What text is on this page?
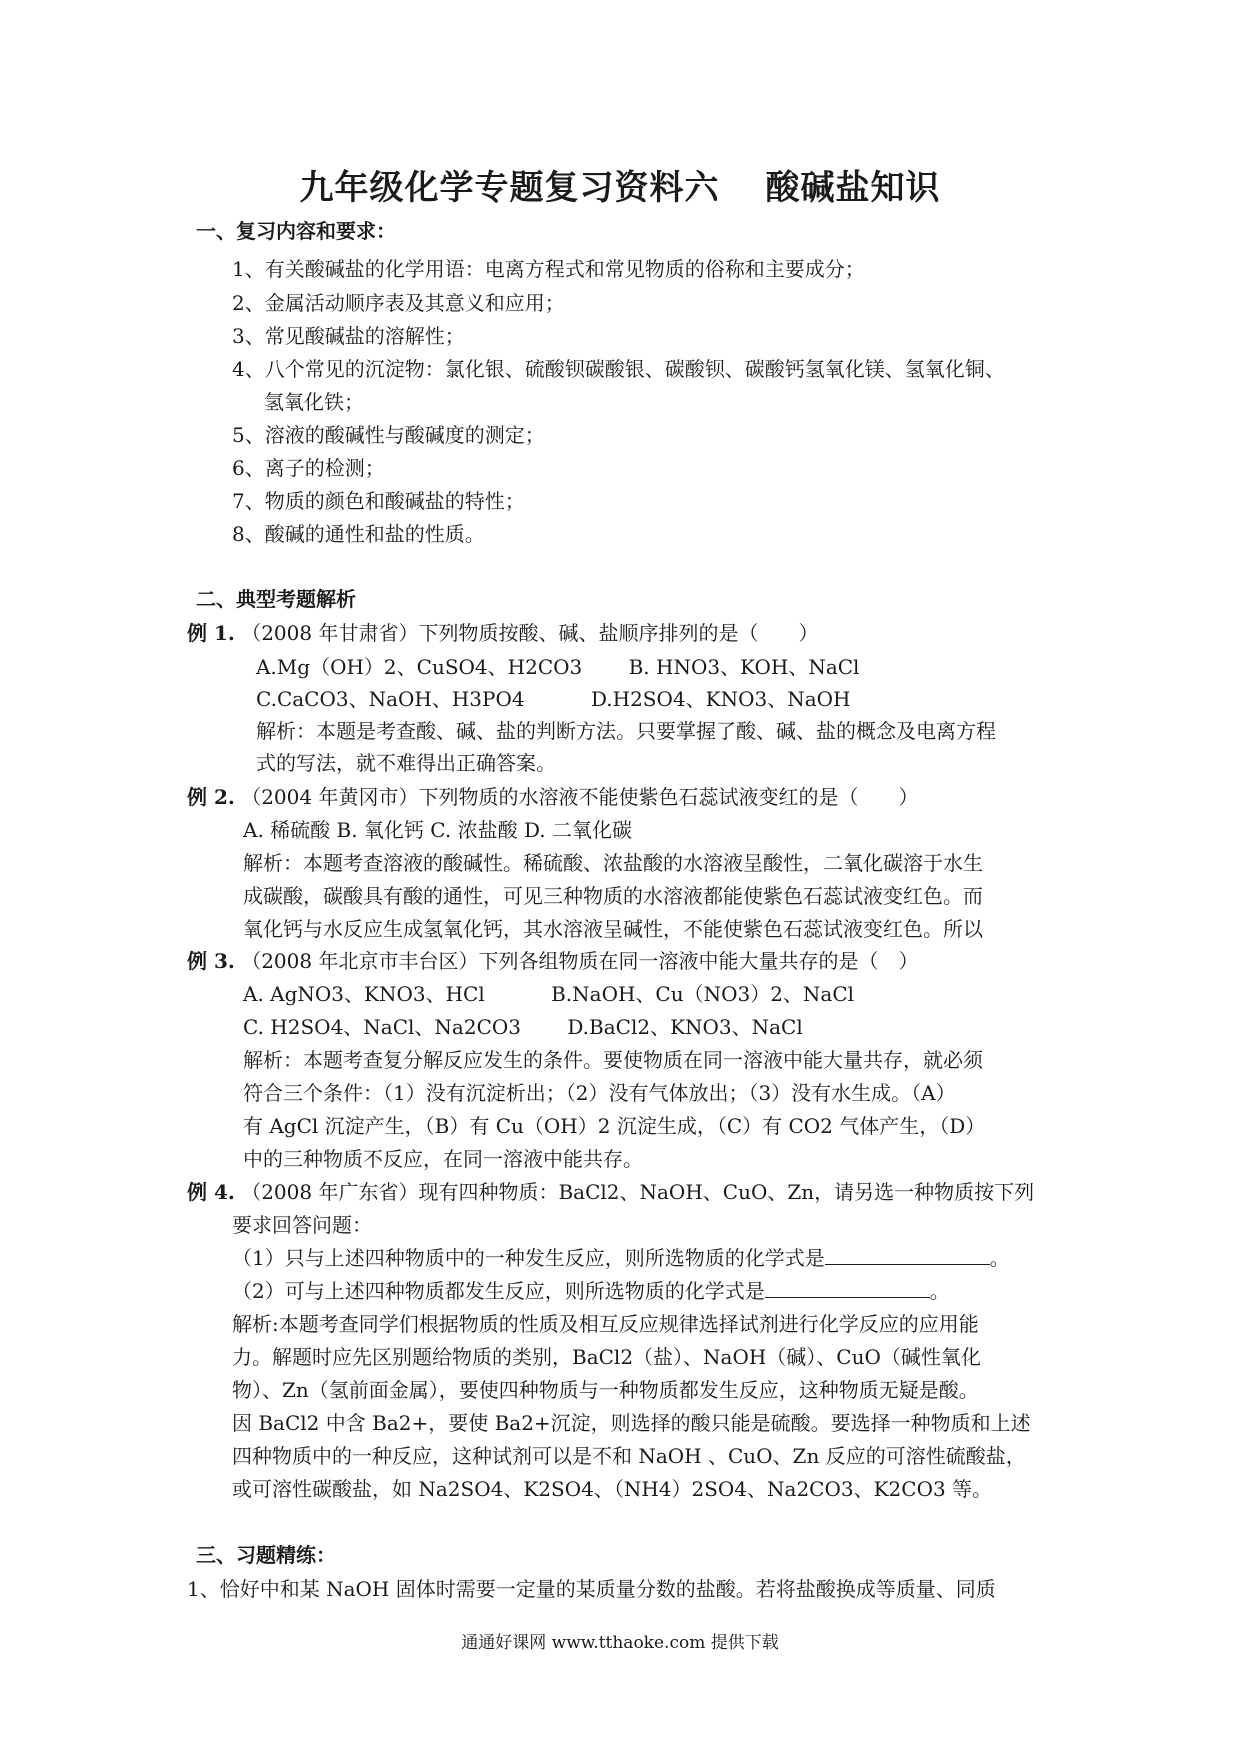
九年级化学专题复习资料六 酸碱盐知识
一、复习内容和要求：
1、有关酸碱盐的化学用语：电离方程式和常见物质的俗称和主要成分；
2、金属活动顺序表及其意义和应用；
3、常见酸碱盐的溶解性；
4、八个常见的沉淀物：氯化银、硫酸钡碳酸银、碳酸钡、碳酸钙氢氧化镁、氢氧化铜、
氢氧化铁；
5、溶液的酸碱性与酸碱度的测定；
6、离子的检测；
7、物质的颜色和酸碱盐的特性；
8、酸碱的通性和盐的性质。
二、典型考题解析
例 1. （2008 年甘肃省）下列物质按酸、碱、盐顺序排列的是（　　）
A.Mg（OH）2、CuSO4、H2CO3　　 B. HNO3、KOH、NaCl
C.CaCO3、NaOH、H3PO4　　　 D.H2SO4、KNO3、NaOH
解析：本题是考查酸、碱、盐的判断方法。只要掌握了酸、碱、盐的概念及电离方程
式的写法，就不难得出正确答案。
例 2. （2004 年黄冈市）下列物质的水溶液不能使紫色石蕊试液变红的是（　　）
A. 稀硫酸 B. 氧化钙 C. 浓盐酸 D. 二氧化碳
解析：本题考查溶液的酸碱性。稀硫酸、浓盐酸的水溶液呈酸性，二氧化碳溶于水生
成碳酸，碳酸具有酸的通性，可见三种物质的水溶液都能使紫色石蕊试液变红色。而
氧化钙与水反应生成氢氧化钙，其水溶液呈碱性，不能使紫色石蕊试液变红色。所以
例 3. （2008 年北京市丰台区）下列各组物质在同一溶液中能大量共存的是（　）
A. AgNO3、KNO3、HCl　　　 B.NaOH、Cu（NO3）2、NaCl
C. H2SO4、NaCl、Na2CO3　　 D.BaCl2、KNO3、NaCl
解析：本题考查复分解反应发生的条件。要使物质在同一溶液中能大量共存，就必须
符合三个条件：（1）没有沉淀析出；（2）没有气体放出；（3）没有水生成。（A）
有 AgCl 沉淀产生，（B）有 Cu（OH）2 沉淀生成，（C）有 CO2 气体产生，（D）
中的三种物质不反应，在同一溶液中能共存。
例 4. （2008 年广东省）现有四种物质：BaCl2、NaOH、CuO、Zn，请另选一种物质按下列
要求回答问题：
（1）只与上述四种物质中的一种发生反应，则所选物质的化学式是	。
（2）可与上述四种物质都发生反应，则所选物质的化学式是	。
解析:本题考查同学们根据物质的性质及相互反应规律选择试剂进行化学反应的应用能
力。解题时应先区别题给物质的类别，BaCl2（盐）、NaOH（碱）、CuO（碱性氧化
物）、Zn（氢前面金属），要使四种物质与一种物质都发生反应，这种物质无疑是酸。
因 BaCl2 中含 Ba2+，要使 Ba2+沉淀，则选择的酸只能是硫酸。要选择一种物质和上述
四种物质中的一种反应，这种试剂可以是不和 NaOH 、CuO、Zn 反应的可溶性硫酸盐，
或可溶性碳酸盐，如 Na2SO4、K2SO4、（NH4）2SO4、Na2CO3、K2CO3 等。
三、习题精练：
1、恰好中和某 NaOH 固体时需要一定量的某质量分数的盐酸。若将盐酸换成等质量、同质
通通好课网 www.tthaoke.com 提供下载
